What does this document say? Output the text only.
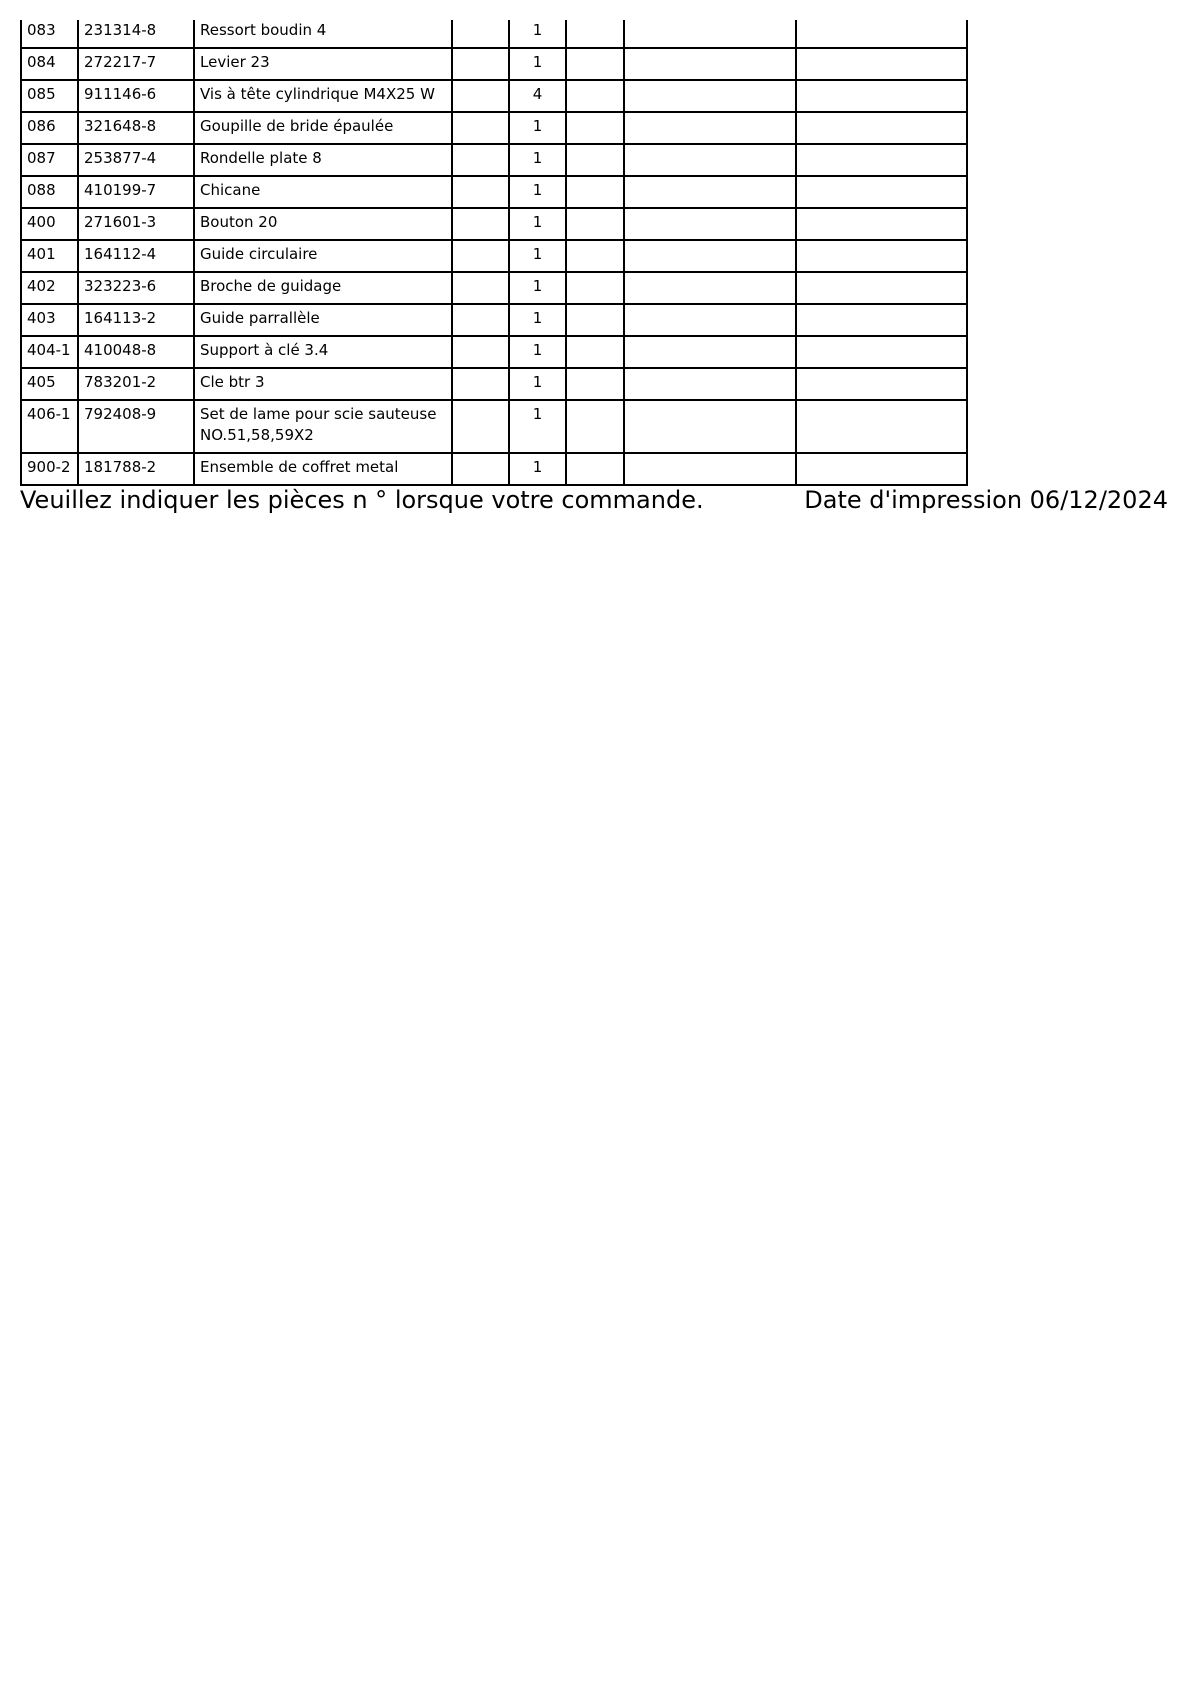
083	231314-8	Ressort boudin 4		1			
084	272217-7	Levier 23		1			
085	911146-6	Vis à tête cylindrique M4X25 W		4			
086	321648-8	Goupille de bride épaulée		1			
087	253877-4	Rondelle plate 8		1			
088	410199-7	Chicane		1			
400	271601-3	Bouton 20		1			
401	164112-4	Guide circulaire		1			
402	323223-6	Broche de guidage		1			
403	164113-2	Guide parrallèle		1			
404-1	410048-8	Support à clé 3.4		1			
405	783201-2	Cle btr 3		1			
406-1	792408-9	Set de lame pour scie sauteuse NO.51,58,59X2		1			
900-2	181788-2	Ensemble de coffret metal		1			
Veuillez indiquer les pièces n ° lorsque votre commande.	Date d'impression 06/12/2024
